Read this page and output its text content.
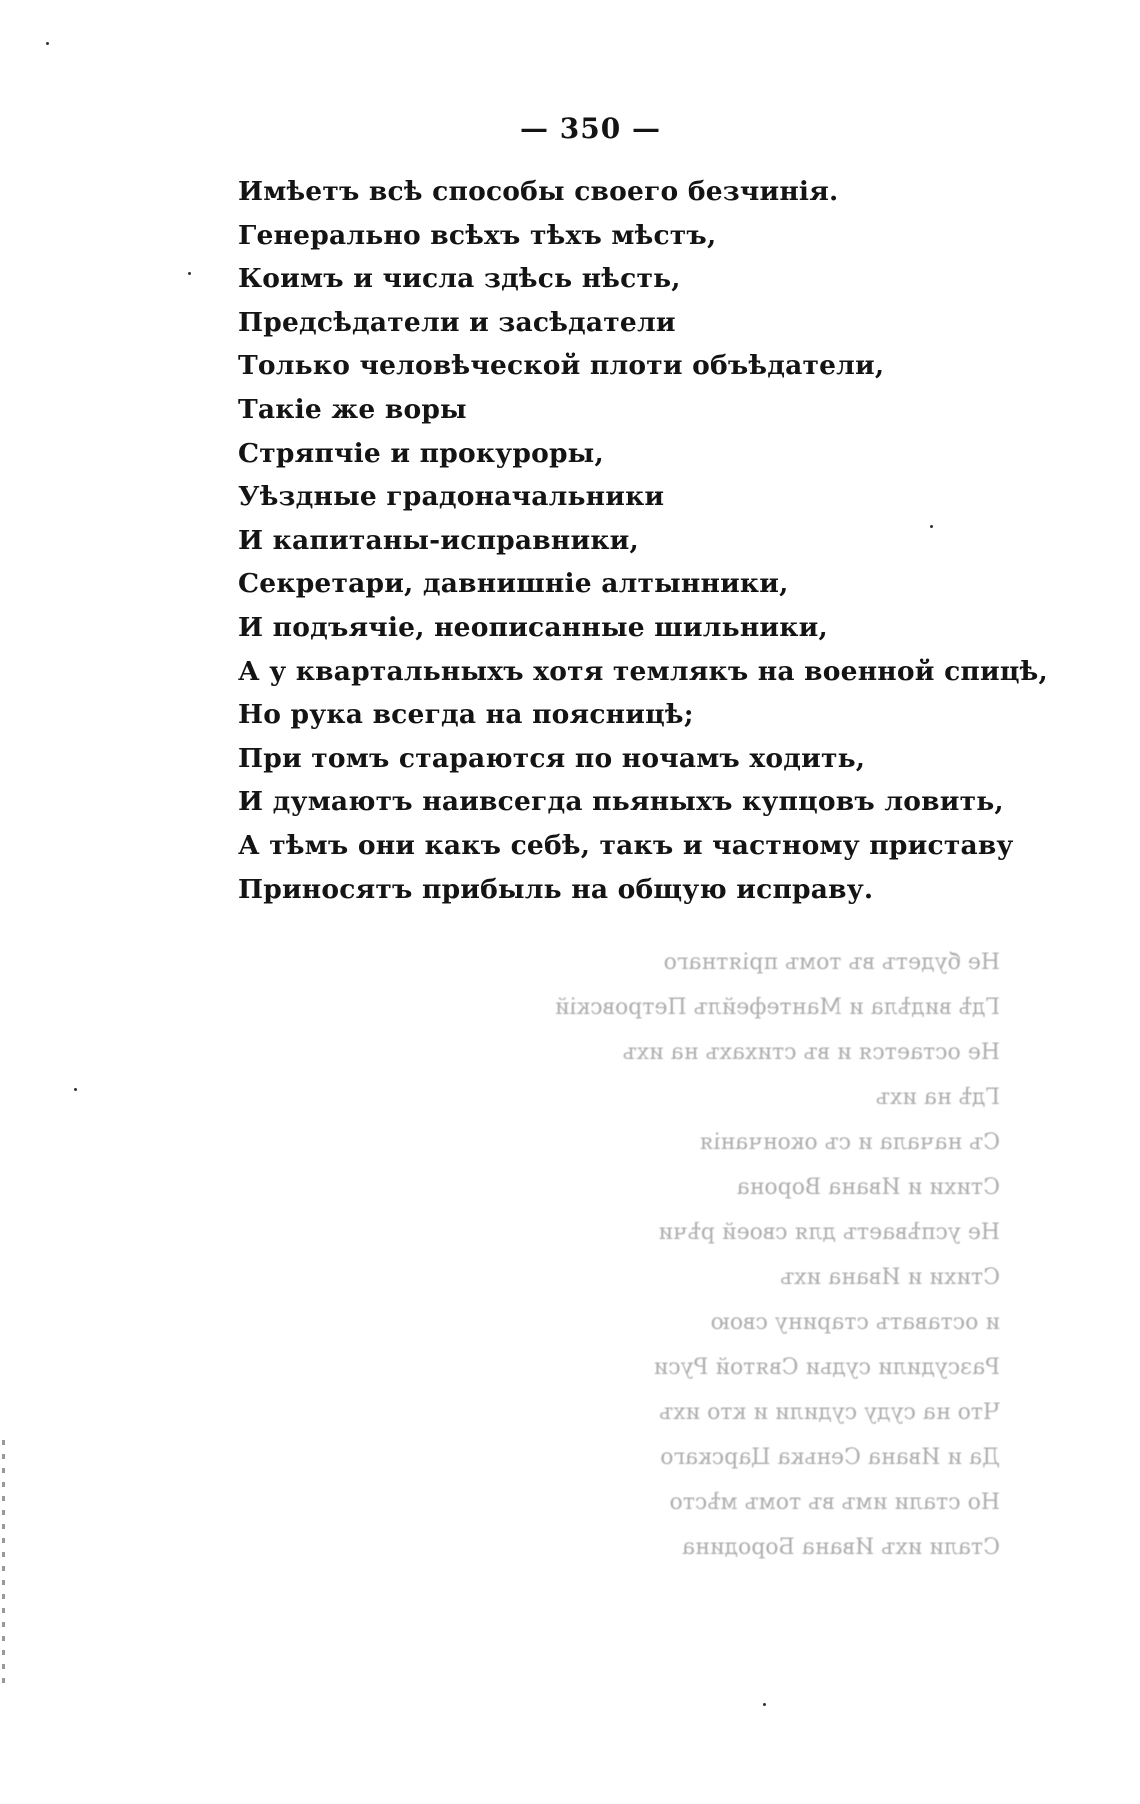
— 350 —
Имѣетъ всѣ способы своего безчинія.
Генерально всѣхъ тѣхъ мѣстъ,
Коимъ и числа здѣсь нѣсть,
Предсѣдатели и засѣдатели
Только человѣческой плоти объѣдатели,
Такіе же воры
Стряпчіе и прокуроры,
Уѣздные градоначальники
И капитаны-исправники,
Секретари, давнишніе алтынники,
И подъячіе, неописанные шильники,
А у квартальныхъ хотя темлякъ на военной спицѣ,
Но рука всегда на поясницѣ;
При томъ стараются по ночамъ ходить,
И думаютъ наивсегда пьяныхъ купцовъ ловить,
А тѣмъ они какъ себѣ, такъ и частному приставу
Приносятъ прибыль на общую исправу.
Не будетъ въ томъ пріятнаго
Гдѣ видѣла и Мантефейлъ Петровскій
Не остается и въ стихахъ на ихъ
Гдѣ на ихъ
Съ начала и съ окончанія
Стихи и Ивана Ворона
Не успѣваетъ для своей рѣчи
Стихи и Ивана ихъ
и оставатъ старину свою
Разсудили судьи Святой Руси
Что на суду судили и кто ихъ
Да и Ивана Сенька Царскаго
Но стали имъ въ томъ мѣсто
Стали ихъ Ивана Бородина
